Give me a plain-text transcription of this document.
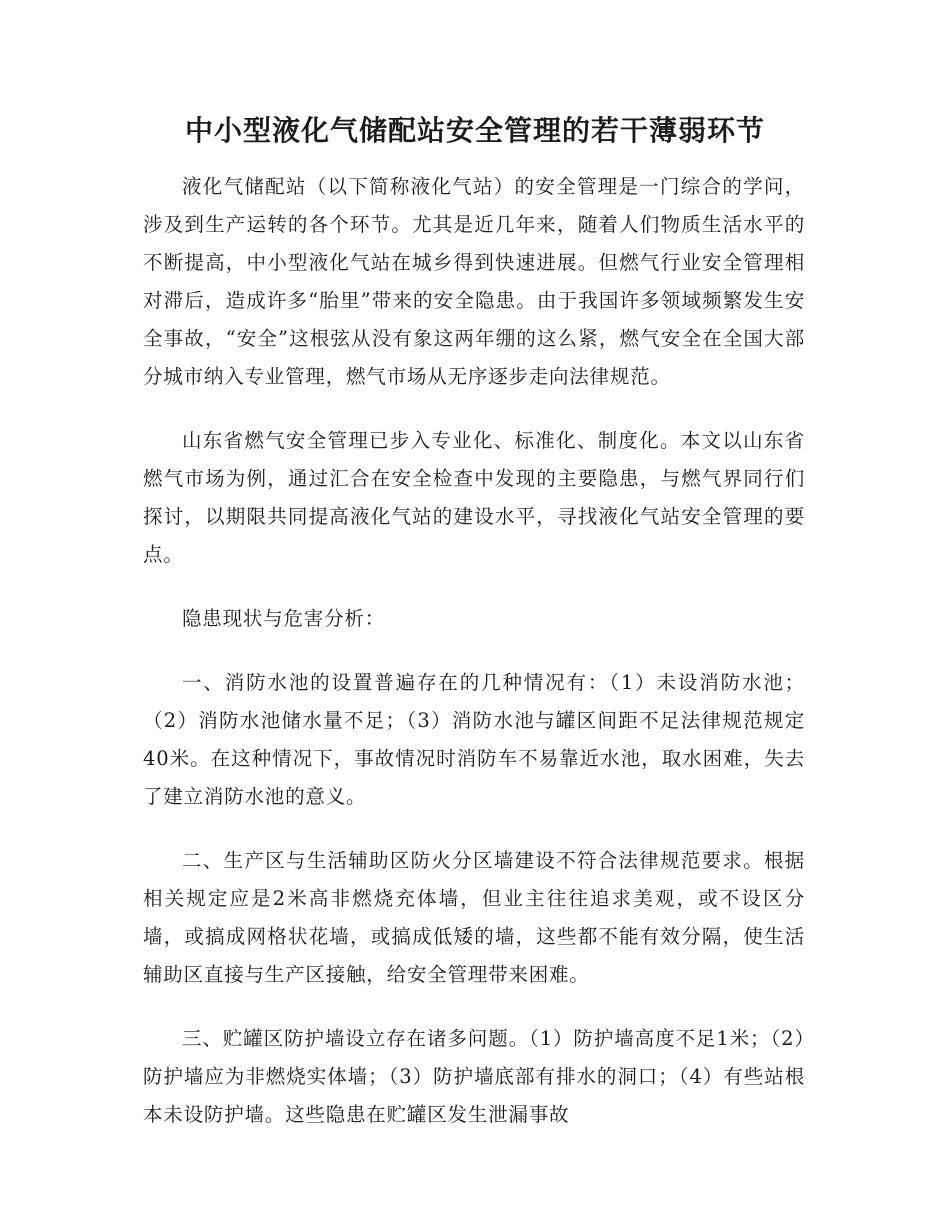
中小型液化气储配站安全管理的若干薄弱环节

液化气储配站（以下简称液化气站）的安全管理是一门综合的学问，涉及到生产运转的各个环节。尤其是近几年来，随着人们物质生活水平的不断提高，中小型液化气站在城乡得到快速进展。但燃气行业安全管理相对滞后，造成许多“胎里”带来的安全隐患。由于我国许多领域频繁发生安全事故，“安全”这根弦从没有象这两年绷的这么紧，燃气安全在全国大部分城市纳入专业管理，燃气市场从无序逐步走向法律规范。

山东省燃气安全管理已步入专业化、标准化、制度化。本文以山东省燃气市场为例，通过汇合在安全检查中发现的主要隐患，与燃气界同行们探讨，以期限共同提高液化气站的建设水平，寻找液化气站安全管理的要点。

隐患现状与危害分析：

一、消防水池的设置普遍存在的几种情况有：（1）未设消防水池；（2）消防水池储水量不足；（3）消防水池与罐区间距不足法律规范规定40米。在这种情况下，事故情况时消防车不易靠近水池，取水困难，失去了建立消防水池的意义。

二、生产区与生活辅助区防火分区墙建设不符合法律规范要求。根据相关规定应是2米高非燃烧充体墙，但业主往往追求美观，或不设区分墙，或搞成网格状花墙，或搞成低矮的墙，这些都不能有效分隔，使生活辅助区直接与生产区接触，给安全管理带来困难。

三、贮罐区防护墙设立存在诸多问题。（1）防护墙高度不足1米；（2）防护墙应为非燃烧实体墙；（3）防护墙底部有排水的洞口；（4）有些站根本未设防护墙。这些隐患在贮罐区发生泄漏事故
